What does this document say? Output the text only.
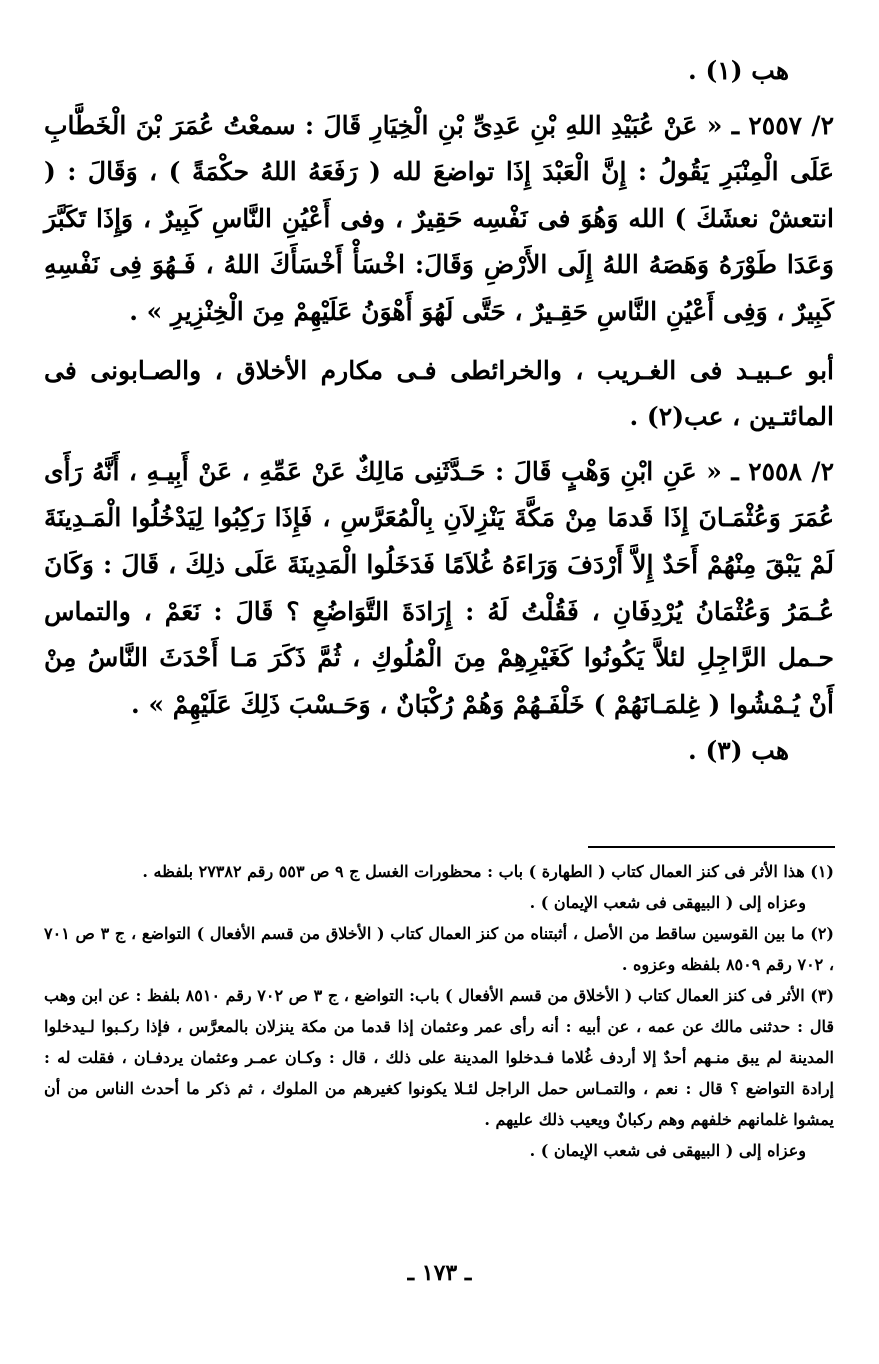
هب (١) .

٢/ ٢٥٥٧ ـ « عَنْ عُبَيْدِ اللهِ بْنِ عَدِىِّ بْنِ الْخِيَارِ قَالَ : سمعْتُ عُمَرَ بْنَ الْخَطَّابِ عَلَى الْمِنْبَرِ يَقُولُ : إِنَّ الْعَبْدَ إِذَا تواضعَ لله ( رَفَعَهُ اللهُ حكْمَةً ) ، وَقَالَ : ( انتعشْ نعشَكَ ) الله وَهُوَ فى نَفْسِه حَقِيرٌ ، وفى أَعْيُنِ النَّاسِ كَبِيرٌ ، وَإِذَا تَكَبَّرَ وَعَدَا طَوْرَهُ وَهَصَهُ اللهُ إِلَى الأَرْضِ وَقَالَ: اخْسَأْ أَخْسَأَكَ اللهُ ، فَـهُوَ فِى نَفْسِهِ كَبِيرٌ ، وَفِى أَعْيُنِ النَّاسِ حَقِـيرٌ ، حَتَّى لَهُوَ أَهْوَنُ عَلَيْهِمْ مِنَ الْخِنْزِيرِ » .

أبو عـبيـد فى الغـريب ، والخرائطى فـى مكارم الأخلاق ، والصـابونى فى المائتـين ، عب(٢) .

٢/ ٢٥٥٨ ـ « عَنِ ابْنِ وَهْبٍ قَالَ : حَـدَّثَنِى مَالِكٌ عَنْ عَمِّهِ ، عَنْ أَبِيـهِ ، أَنَّهُ رَأَى عُمَرَ وَعُثْمَـانَ إِذَا قَدمَا مِنْ مَكَّةَ يَنْزِلاَنِ بِالْمُعَرَّسِ ، فَإِذَا رَكِبُوا لِيَدْخُلُوا الْمَـدِينَةَ لَمْ يَبْقَ مِنْهُمْ أَحَدٌ إِلاَّ أَرْدَفَ وَرَاءَهُ غُلاَمًا فَدَخَلُوا الْمَدِينَةَ عَلَى ذلِكَ ، قَالَ : وَكَانَ عُـمَرُ وَعُثْمَانُ يُرْدِفَانِ ، فَقُلْتُ لَهُ : إِرَادَةَ التَّوَاضُعِ ؟ قَالَ : نَعَمْ ، والتماس حـمل الرَّاجِلِ لئلاَّ يَكُونُوا كَغَيْرِهِمْ مِنَ الْمُلُوكِ ، ثُمَّ ذَكَرَ مَـا أَحْدَثَ النَّاسُ مِنْ أَنْ يُـمْشُوا ( غِلمَـانَهُمْ ) خَلْفَـهُمْ وَهُمْ رُكْبَانٌ ، وَحَـسْبَ ذَلِكَ عَلَيْهِمْ » .

هب (٣) .

(١) هذا الأثر فى كنز العمال كتاب ( الطهارة ) باب : محظورات الغسل ج ٩ ص ٥٥٣ رقم ٢٧٣٨٢ بلفظه .

وعزاه إلى ( البيهقى فى شعب الإيمان ) .

(٢) ما بين القوسين ساقط من الأصل ، أثبتناه من كنز العمال كتاب ( الأخلاق من قسم الأفعال ) التواضع ، ج ٣ ص ٧٠١ ، ٧٠٢ رقم ٨٥٠٩ بلفظه وعزوه .

(٣) الأثر فى كنز العمال كتاب ( الأخلاق من قسم الأفعال ) باب: التواضع ، ج ٣ ص ٧٠٢ رقم ٨٥١٠ بلفظ : عن ابن وهب قال : حدثنى مالك عن عمه ، عن أبيه : أنه رأى عمر وعثمان إذا قدما من مكة ينزلان بالمعرَّس ، فإذا ركـبوا لـيدخلوا المدينة لم يبق منـهم أحدٌ إلا أردف غُلاما فـدخلوا المدينة على ذلك ، قال : وكـان عمـر وعثمان يردفـان ، فقلت له : إرادة التواضع ؟ قال : نعم ، والتمـاس حمل الراجل لئـلا يكونوا كغيرهم من الملوك ، ثم ذكر ما أحدث الناس من أن يمشوا غلمانهم خلفهم وهم ركبانٌ ويعيب ذلك عليهم .

وعزاه إلى ( البيهقى فى شعب الإيمان ) .

ـ ١٧٣ ـ
